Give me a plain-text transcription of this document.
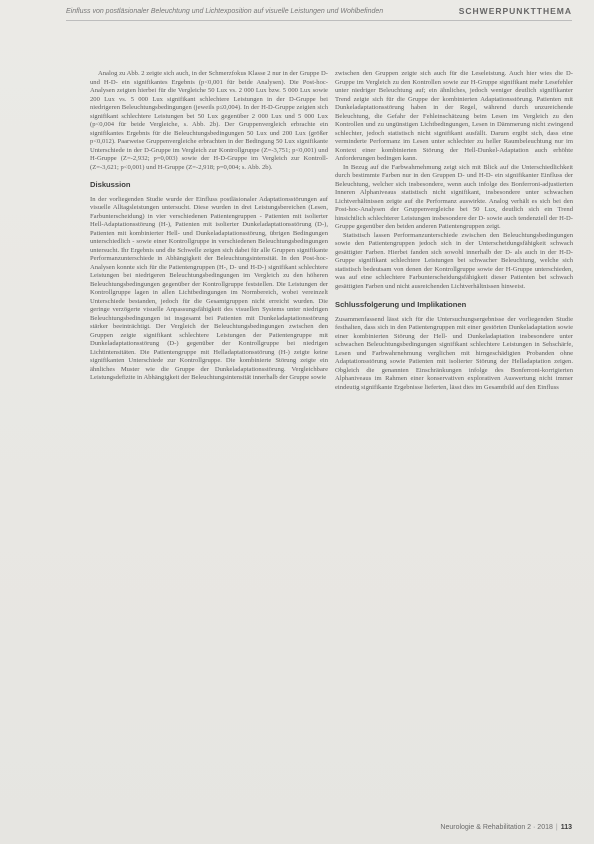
Einfluss von postläsionaler Beleuchtung und Lichtexposition auf visuelle Leistungen und Wohlbefinden	SCHWERPUNKTTHEMA

Analog zu Abb. 2 zeigte sich auch, in der Schmerzfokus Klasse 2 nur in der Gruppe D- und H-D- ein signifikantes Ergebnis (p<0,001 für beide Analysen). Die Post-hoc-Analysen zeigten hierbei für die Vergleiche 50 Lux vs. 2 000 Lux bzw. 5 000 Lux sowie 200 Lux vs. 5 000 Lux signifikant schlechtere Leistungen in der D-Gruppe bei niedrigeren Beleuchtungsbedingungen (jeweils p≤0,004). In der H-D-Gruppe zeigten sich signifikant schlechtere Leistungen bei 50 Lux gegenüber 2 000 Lux und 5 000 Lux (p<0,004 für beide Vergleiche, s. Abb. 2b). Der Gruppenvergleich erbrachte ein signifikantes Ergebnis für die Beleuchtungsbedingungen 50 Lux und 200 Lux (größer p<0,012). Paarweise Gruppenvergleiche erbrachten in der Bedingung 50 Lux signifikante Unterschiede in der D-Gruppe im Vergleich zur Kontrollgruppe (Z=-3,751; p<0,001) und H-Gruppe (Z=-2,932; p=0,003) sowie der H-D-Gruppe im Vergleich zur Kontroll- (Z=-3,621; p<0,001) und H-Gruppe (Z=-2,918; p=0,004; s. Abb. 2b).

Diskussion

In der vorliegenden Studie wurde der Einfluss postläsionaler Adaptationsstörungen auf visuelle Alltagsleistungen untersucht. Diese wurden in drei Leistungsbereichen (Lesen, Farbunterscheidung) in vier verschiedenen Patientengruppen - Patienten mit isolierter Hell-Adaptationsstörung (H-), Patienten mit isolierter Dunkeladaptationsstörung (D-), Patienten mit kombinierter Hell- und Dunkeladaptationsstörung, übrigen Bedingungen unterschiedlich - sowie einer Kontrollgruppe in verschiedenen Beleuchtungsbedingungen untersucht. Ihr Ergebnis und die Schwelle zeigen sich dabei für alle Gruppen signifikante Performanzunterschiede in Abhängigkeit der Beleuchtungsintensität. In den Post-hoc-Analysen konnte sich für die Patientengruppen (H-, D- und H-D-) signifikant schlechtere Leistungen bei niedrigeren Beleuchtungsbedingungen im Vergleich zu den höheren Beleuchtungsbedingungen gegenüber der Kontrollgruppe feststellen. Die Leistungen der Kontrollgruppe lagen in allen Lichtbedingungen im Normbereich, wobei vereinzelt Unterschiede bestanden, jedoch für die Gesamtgruppen nicht erreicht wurden. Die geringe verzögerte visuelle Anpassungsfähigkeit des visuellen Systems unter niedrigen Beleuchtungsbedingungen ist insgesamt bei Patienten mit Dunkeladaptationsstörung stärker beeinträchtigt. Der Vergleich der Beleuchtungsbedingungen zwischen den Gruppen zeigte signifikant schlechtere Leistungen der Patientengruppe mit Dunkeladaptationsstörung (D-) gegenüber der Kontrollgruppe bei niedrigen Lichtintensitäten. Die Patientengruppe mit Helladaptationsstörung (H-) zeigte keine signifikanten Unterschiede zur Kontrollgruppe. Die kombinierte Störung zeigte ein ähnliches Muster wie die Gruppe der Dunkeladaptationsstörung. Vergleichbare Leistungsdefizite in Abhängigkeit der Beleuchtungsintensität innerhalb der Gruppe sowie

zwischen den Gruppen zeigte sich auch für die Leseleistung. Auch hier wies die D-Gruppe im Vergleich zu den Kontrollen sowie zur H-Gruppe signifikant mehr Lesefehler unter niedriger Beleuchtung auf; ein ähnliches, jedoch weniger deutlich signifikanter Trend zeigte sich für die Gruppe der kombinierten Adaptationsstörung. Patienten mit Dunkeladaptationsstörung haben in der Regel, während durch unzureichende Beleuchtung, die Gefahr der Fehleinschätzung beim Lesen im Vergleich zu den Kontrollen und zu ungünstigen Lichtbedingungen, Lesen in Dämmerung nicht zwingend schlechter, jedoch statistisch nicht signifikant ausfällt. Darum ergibt sich, dass eine verminderte Performanz im Lesen unter schlechter zu heller Raumbeleuchtung nur im Kontext einer kombinierten Störung der Hell-Dunkel-Adaptation auch erhöhte Anforderungen bedingen kann.

In Bezug auf die Farbwahrnehmung zeigt sich mit Blick auf die Unterschiedlichkeit durch bestimmte Farben nur in den Gruppen D- und H-D- ein signifikanter Einfluss der Beleuchtung, welcher sich insbesondere, wenn auch infolge des Bonferroni-adjustierten Inneren Alphaniveaus statistisch nicht signifikant, insbesondere unter schwachen Lichtverhältnissen zeigte auf die Performanz auswirkte. Analog verhält es sich bei den Post-hoc-Analysen der Gruppenvergleiche bei 50 Lux, deutlich sich ein Trend hinsichtlich schlechterer Leistungen insbesondere der D- sowie auch tendenziell der H-D-Gruppe gegenüber den beiden anderen Patientengruppen zeigt.

Statistisch lassen Performanzunterschiede zwischen den Beleuchtungsbedingungen sowie den Patientengruppen jedoch sich in der Unterscheidungsfähigkeit schwach gesättigter Farben. Hierbei fanden sich sowohl innerhalb der D- als auch in der H-D-Gruppe signifikant schlechtere Leistungen bei schwacher Beleuchtung, welche sich statistisch bedeutsam von denen der Kontrollgruppe sowie der H-Gruppe unterschieden, was auf eine schlechtere Farbunterscheidungsfähigkeit dieser Patienten bei schwach gesättigten Farben und nicht ausreichenden Lichtverhältnissen hinweist.

Schlussfolgerung und Implikationen

Zusammenfassend lässt sich für die Untersuchungsergebnisse der vorliegenden Studie festhalten, dass sich in den Patientengruppen mit einer gestörten Dunkeladaptation sowie einer kombinierten Störung der Hell- und Dunkeladaptation insbesondere unter schwachen Beleuchtungsbedingungen signifikant schlechtere Leistungen in Sehschärfe, Lesen und Farbwahrnehmung verglichen mit hirngeschädigten Probanden ohne Adaptationsstörung sowie Patienten mit isolierter Störung der Helladaptation zeigen. Obgleich die genannten Einschränkungen infolge des Bonferroni-korrigierten Alphaniveaus im Rahmen einer konservativen explorativen Auswertung nicht immer eindeutig signifikante Ergebnisse lieferten, lässt dies im Gesamtbild auf den Einfluss

Neurologie & Rehabilitation 2 · 2018 | 113
